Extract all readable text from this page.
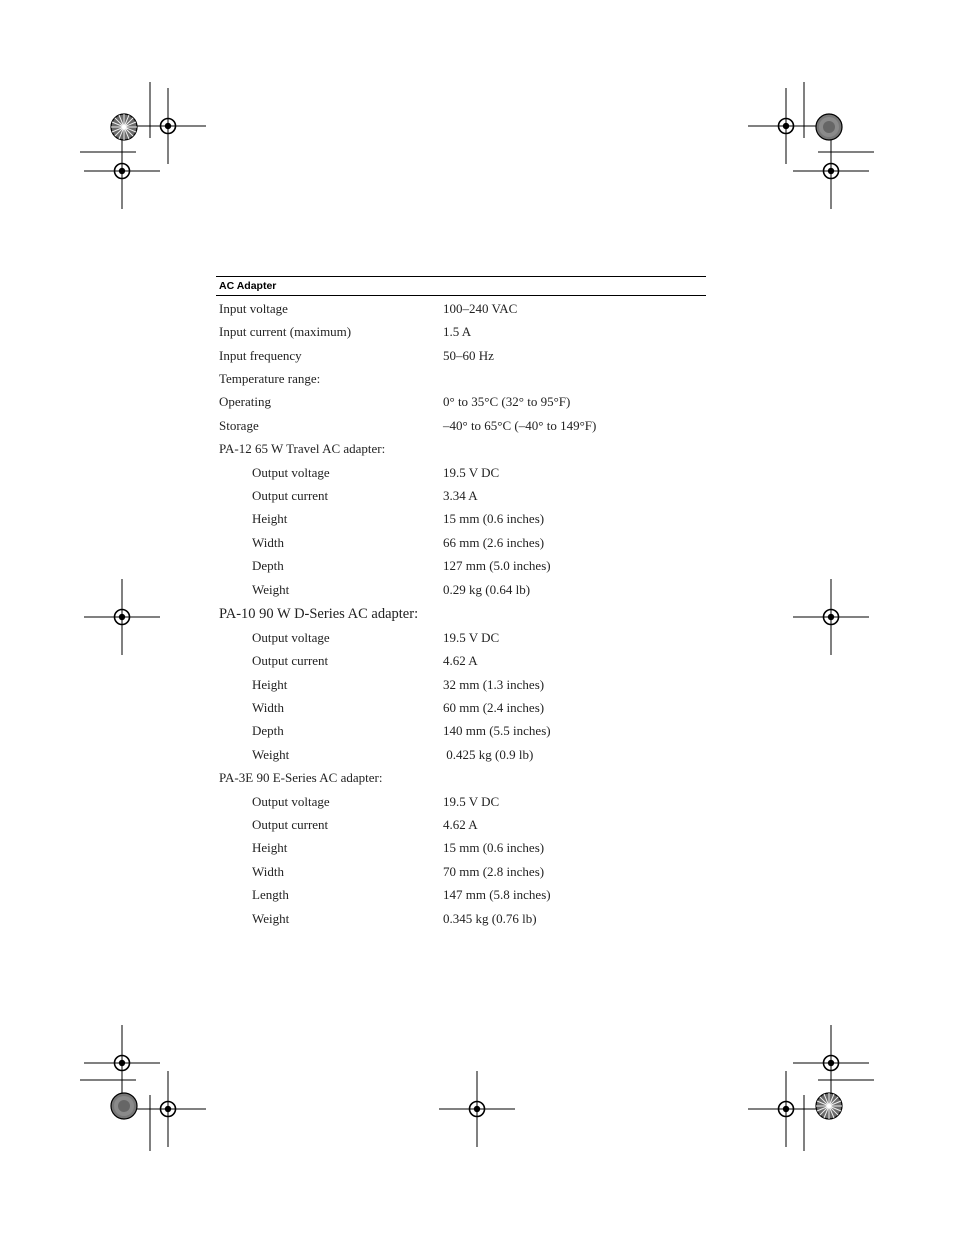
AC Adapter
Input voltage	100–240 VAC
Input current (maximum)	1.5 A
Input frequency	50–60 Hz
Temperature range:
Operating	0° to 35°C (32° to 95°F)
Storage	–40° to 65°C (–40° to 149°F)
PA-12 65 W Travel AC adapter:
Output voltage	19.5 V DC
Output current	3.34 A
Height	15 mm (0.6 inches)
Width	66 mm (2.6 inches)
Depth	127 mm (5.0 inches)
Weight	0.29 kg (0.64 lb)
PA-10 90 W D-Series AC adapter:
Output voltage	19.5 V DC
Output current	4.62 A
Height	32 mm (1.3 inches)
Width	60 mm (2.4 inches)
Depth	140 mm (5.5 inches)
Weight	0.425 kg (0.9 lb)
PA-3E 90 E-Series AC adapter:
Output voltage	19.5 V DC
Output current	4.62 A
Height	15 mm (0.6 inches)
Width	70 mm (2.8 inches)
Length	147 mm (5.8 inches)
Weight	0.345 kg (0.76 lb)
